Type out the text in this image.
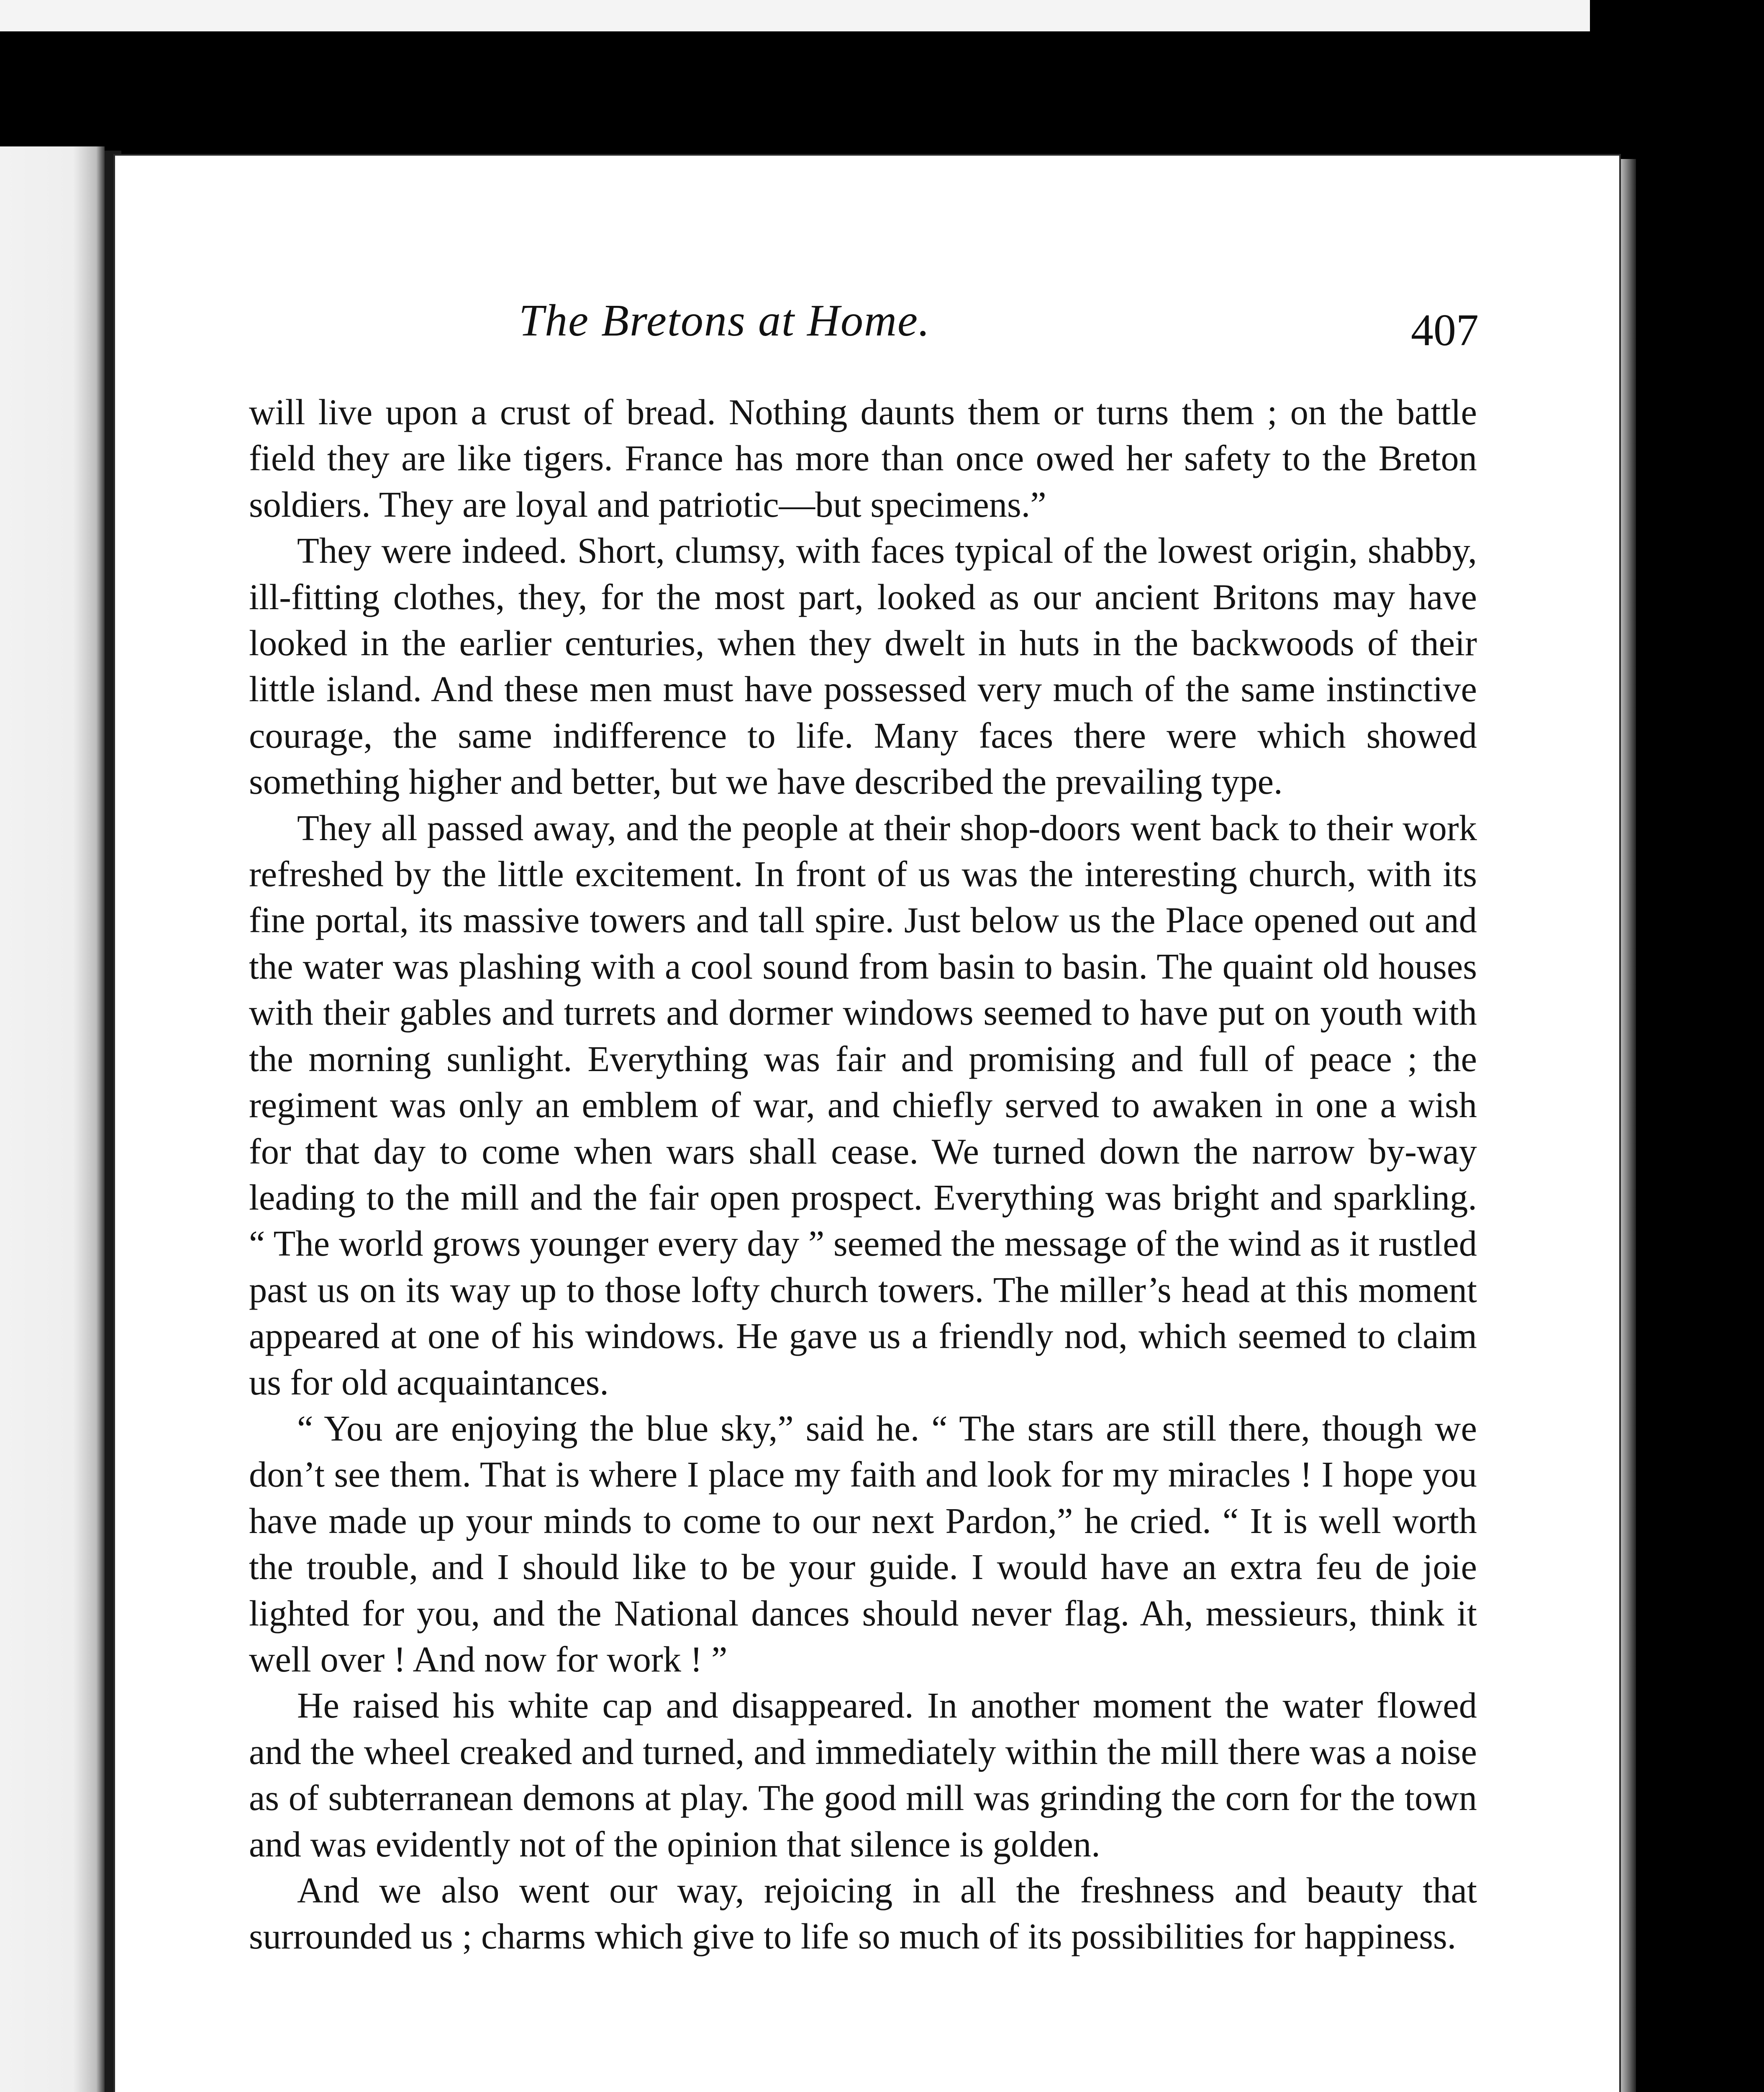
The Bretons at Home.	407

will live upon a crust of bread. Nothing daunts them or turns them ; on the battle field they are like tigers. France has more than once owed her safety to the Breton soldiers. They are loyal and patriotic—but specimens.”

They were indeed. Short, clumsy, with faces typical of the lowest origin, shabby, ill-fitting clothes, they, for the most part, looked as our ancient Britons may have looked in the earlier centuries, when they dwelt in huts in the backwoods of their little island. And these men must have possessed very much of the same instinctive courage, the same indifference to life. Many faces there were which showed something higher and better, but we have described the prevailing type.

They all passed away, and the people at their shop-doors went back to their work refreshed by the little excitement. In front of us was the interesting church, with its fine portal, its massive towers and tall spire. Just below us the Place opened out and the water was plashing with a cool sound from basin to basin. The quaint old houses with their gables and turrets and dormer windows seemed to have put on youth with the morning sunlight. Everything was fair and promising and full of peace ; the regiment was only an emblem of war, and chiefly served to awaken in one a wish for that day to come when wars shall cease. We turned down the narrow by-way leading to the mill and the fair open prospect. Everything was bright and sparkling. “ The world grows younger every day ” seemed the message of the wind as it rustled past us on its way up to those lofty church towers. The miller’s head at this moment appeared at one of his windows. He gave us a friendly nod, which seemed to claim us for old acquaintances.

“ You are enjoying the blue sky,” said he. “ The stars are still there, though we don’t see them. That is where I place my faith and look for my miracles ! I hope you have made up your minds to come to our next Pardon,” he cried. “ It is well worth the trouble, and I should like to be your guide. I would have an extra feu de joie lighted for you, and the National dances should never flag. Ah, messieurs, think it well over ! And now for work ! ”

He raised his white cap and disappeared. In another moment the water flowed and the wheel creaked and turned, and immediately within the mill there was a noise as of subterranean demons at play. The good mill was grinding the corn for the town and was evidently not of the opinion that silence is golden.

And we also went our way, rejoicing in all the freshness and beauty that surrounded us ; charms which give to life so much of its possibilities for happiness.
